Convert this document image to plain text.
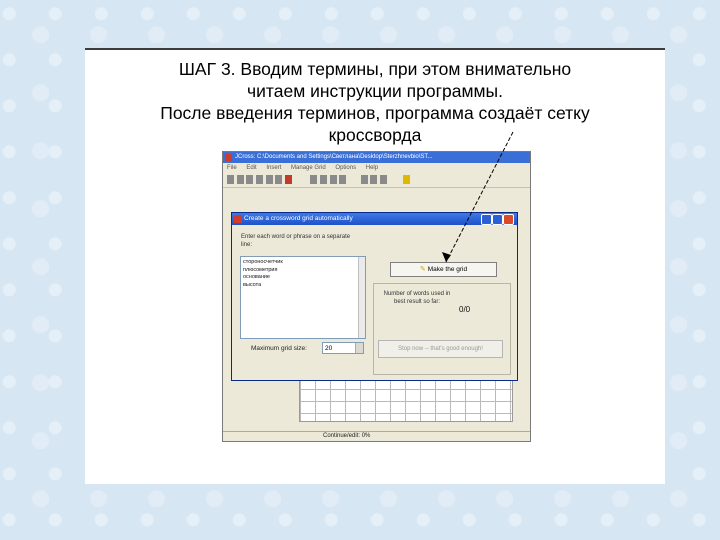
ШАГ 3. Вводим термины, при этом внимательно
читаем инструкции программы.
После введения терминов, программа создаёт сетку
кроссворда
JCross: C:\Documents and Settings\Светлана\Desktop\Sterzhnevbio\ST...
File Edit Insert Manage Grid Options Help

Continue/edit: 0%
Create a crossword grid automatically
Enter each word or phrase on a separate line:
стороносчетчик
плюсометрия
основание
высота
✎ Make the grid
Number of words used in best result so far:
0/0
Stop now -- that's good enough!
Maximum grid size:	20
